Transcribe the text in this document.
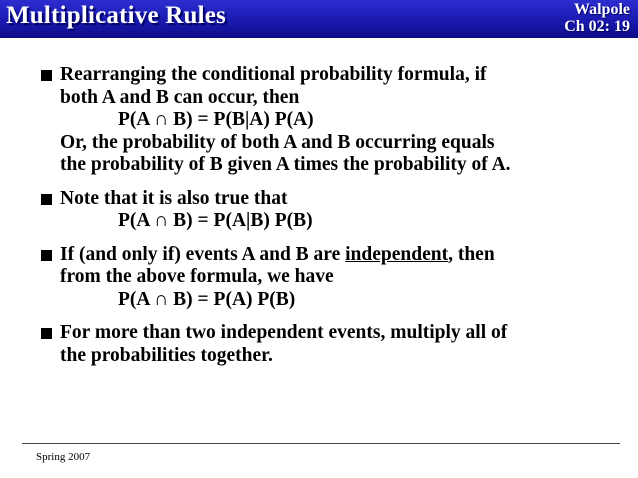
Multiplicative Rules	Walpole
Ch 02: 19
Rearranging the conditional probability formula, if
both A and B can occur, then
P(A ∩ B) = P(B|A) P(A)
Or, the probability of both A and B occurring equals
the probability of B given A times the probability of A.
Note that it is also true that
P(A ∩ B) = P(A|B) P(B)
If (and only if) events A and B are independent, then
from the above formula, we have
P(A ∩ B) = P(A) P(B)
For more than two independent events, multiply all of
the probabilities together.
Spring 2007
